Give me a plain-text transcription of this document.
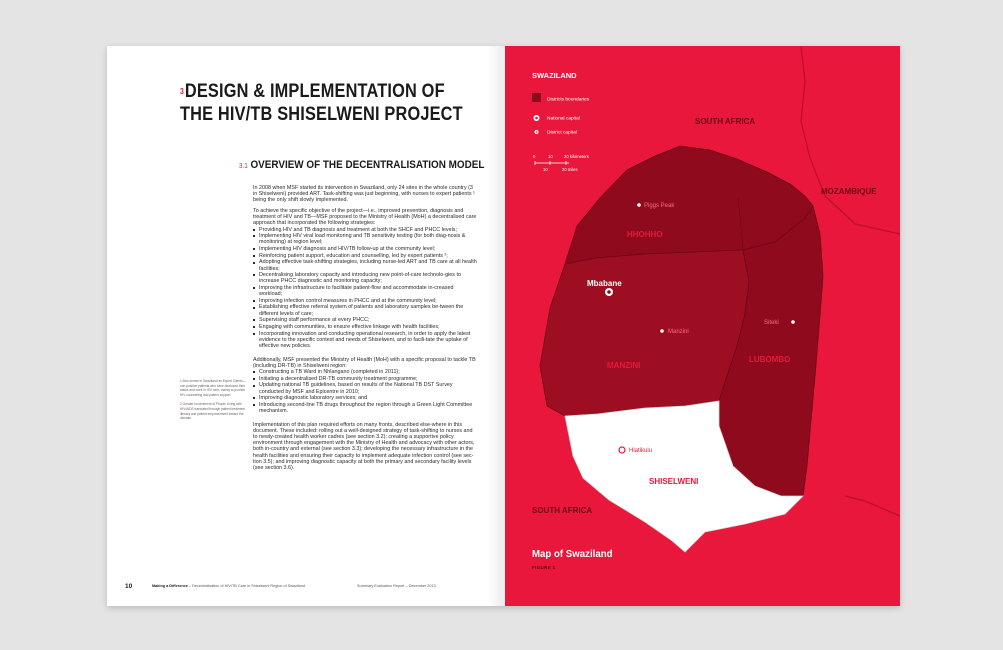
$^3$DESIGN & IMPLEMENTATION OF
THE HIV/TB SHISELWENI PROJECT
3.1 OVERVIEW OF THE DECENTRALISATION MODEL

In 2008 when MSF started its intervention in Swaziland, only 24 sites in the whole country (3 in Shiselweni) provided ART. Task-shifting was just beginning, with nurses to expert patients ¹ being the only shift slowly implemented.

To achieve the specific objective of the project—i.e., improved prevention, diagnosis and treatment of HIV and TB—MSF proposed to the Ministry of Health (MoH) a decentralised care approach that incorporated the following strategies:

Providing HIV and TB diagnosis and treatment at both the SHCF and PHCC levels;
Implementing HIV viral load monitoring and TB sensitivity testing (for both diag-nosis & monitoring) at region level;
Implementing HIV diagnosis and HIV/TB follow-up at the community level;
Reinforcing patient support, education and counselling, led by expert patients ²;
Adopting effective task-shifting strategies, including nurse-led ART and TB care at all health facilities;
Decentralising laboratory capacity and introducing new point-of-care technolo-gies to increase PHCC diagnostic and monitoring capacity;
Improving the infrastructure to facilitate patient-flow and accommodate in-creased workload;
Improving infection control measures in PHCC and at the community level;
Establishing effective referral system of patients and laboratory samples be-tween the different levels of care;
Supervising staff performance at every PHCC;
Engaging with communities, to ensure effective linkage with health facilities;
Incorporating innovation and conducting operational research, in order to apply the latest evidence to the specific context and needs of Shiselweni, and to facili-tate the uptake of effective new policies.

Additionally, MSF presented the Ministry of Health (MoH) with a specific proposal to tackle TB (including DR-TB) in Shiselweni region:

Constructing a TB Ward in Nhlangano (completed in 2011);
Initiating a decentralised DR-TB community treatment programme;
Updating national TB guidelines, based on results of the National TB DST Survey conducted by MSF and Epicentre in 2010;
Improving diagnostic laboratory services; and
Introducing second-line TB drugs throughout the region through a Green Light Committee mechanism.

Implementation of this plan required efforts on many fronts, described else-where in this document. These included: rolling out a well-designed strategy of task-shifting to nurses and to newly-created health worker cadres (see section 3.2); creating a supportive policy environment through engagement with the Ministry of Health and advocacy with other actors, both in-country and external (see section 3.3); developing the necessary infrastructure in the health facilities and ensuring their capacity to implement adequate infection control (see sec-tion 3.5); and improving diagnostic capacity at both the primary and secondary facility levels (see section 3.6).

1 Also known in Swaziland as Expert Clients—non-positive patients who have disclosed their status and work in HIV care, mainly to provide HIV counselling and patient support.
2 Greater Involvement of People Living with HIV/AIDS translated through patient treatment literacy and patient empowerment toward the disease.
10	Making a Difference – Decentralisation of HIV/TB Care in Shiselweni Region of Swaziland	Summary Evaluation Report – December 2013
SWAZILAND
Districts boundaries
National capital
District capital
0	10	20 kilometers
10	20 miles
SOUTH AFRICA
MOZAMBIQUE
SOUTH AFRICA
HHOHHO
MANZINI
LUBOMBO
SHISELWENI
Mbabane
Piggs Peak
Manzini
Siteki
Hlatikulu
Map of Swaziland
FIGURE 1
